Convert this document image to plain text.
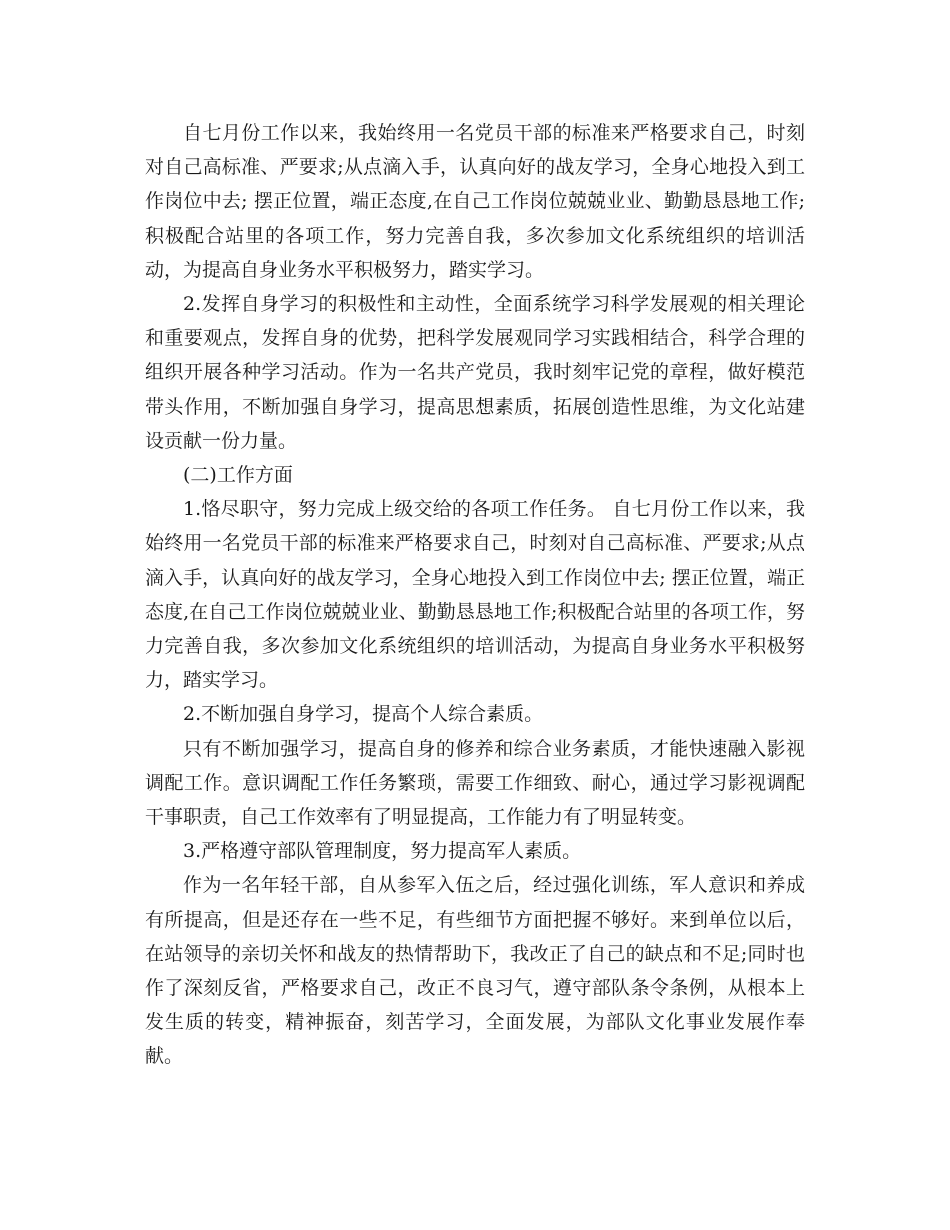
自七月份工作以来，我始终用一名党员干部的标准来严格要求自己，时刻对自己高标准、严要求;从点滴入手，认真向好的战友学习，全身心地投入到工作岗位中去; 摆正位置，端正态度,在自己工作岗位兢兢业业、勤勤恳恳地工作;积极配合站里的各项工作，努力完善自我，多次参加文化系统组织的培训活动，为提高自身业务水平积极努力，踏实学习。

2.发挥自身学习的积极性和主动性，全面系统学习科学发展观的相关理论和重要观点，发挥自身的优势，把科学发展观同学习实践相结合，科学合理的组织开展各种学习活动。作为一名共产党员，我时刻牢记党的章程，做好模范带头作用，不断加强自身学习，提高思想素质，拓展创造性思维，为文化站建设贡献一份力量。

(二)工作方面

1.恪尽职守，努力完成上级交给的各项工作任务。 自七月份工作以来，我始终用一名党员干部的标准来严格要求自己，时刻对自己高标准、严要求;从点滴入手，认真向好的战友学习，全身心地投入到工作岗位中去; 摆正位置，端正态度,在自己工作岗位兢兢业业、勤勤恳恳地工作;积极配合站里的各项工作，努力完善自我，多次参加文化系统组织的培训活动，为提高自身业务水平积极努力，踏实学习。

2.不断加强自身学习，提高个人综合素质。

只有不断加强学习，提高自身的修养和综合业务素质，才能快速融入影视调配工作。意识调配工作任务繁琐，需要工作细致、耐心，通过学习影视调配干事职责，自己工作效率有了明显提高，工作能力有了明显转变。

3.严格遵守部队管理制度，努力提高军人素质。

作为一名年轻干部，自从参军入伍之后，经过强化训练，军人意识和养成有所提高，但是还存在一些不足，有些细节方面把握不够好。来到单位以后，在站领导的亲切关怀和战友的热情帮助下，我改正了自己的缺点和不足;同时也作了深刻反省，严格要求自己，改正不良习气，遵守部队条令条例，从根本上发生质的转变，精神振奋，刻苦学习，全面发展，为部队文化事业发展作奉献。
